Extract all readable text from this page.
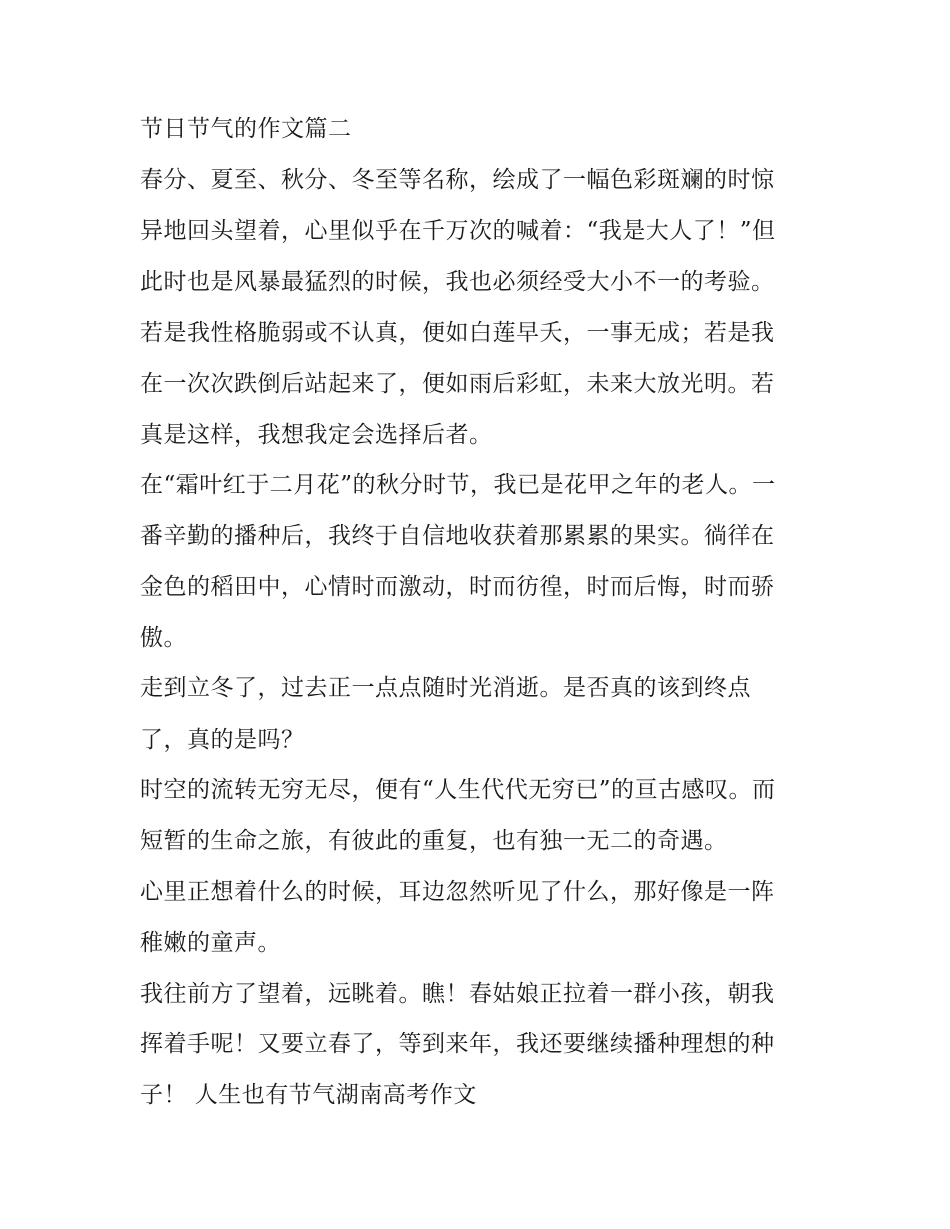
节日节气的作文篇二

春分、夏至、秋分、冬至等名称，绘成了一幅色彩斑斓的时惊

异地回头望着，心里似乎在千万次的喊着：“我是大人了！”但

此时也是风暴最猛烈的时候，我也必须经受大小不一的考验。

若是我性格脆弱或不认真，便如白莲早夭，一事无成；若是我

在一次次跌倒后站起来了，便如雨后彩虹，未来大放光明。若

真是这样，我想我定会选择后者。

在“霜叶红于二月花”的秋分时节，我已是花甲之年的老人。一

番辛勤的播种后，我终于自信地收获着那累累的果实。徜徉在

金色的稻田中，心情时而激动，时而彷徨，时而后悔，时而骄

傲。

走到立冬了，过去正一点点随时光消逝。是否真的该到终点

了，真的是吗？

时空的流转无穷无尽，便有“人生代代无穷已”的亘古感叹。而

短暂的生命之旅，有彼此的重复，也有独一无二的奇遇。

心里正想着什么的时候，耳边忽然听见了什么，那好像是一阵

稚嫩的童声。

我往前方了望着，远眺着。瞧！春姑娘正拉着一群小孩，朝我

挥着手呢！又要立春了，等到来年，我还要继续播种理想的种

子！ 人生也有节气湖南高考作文
